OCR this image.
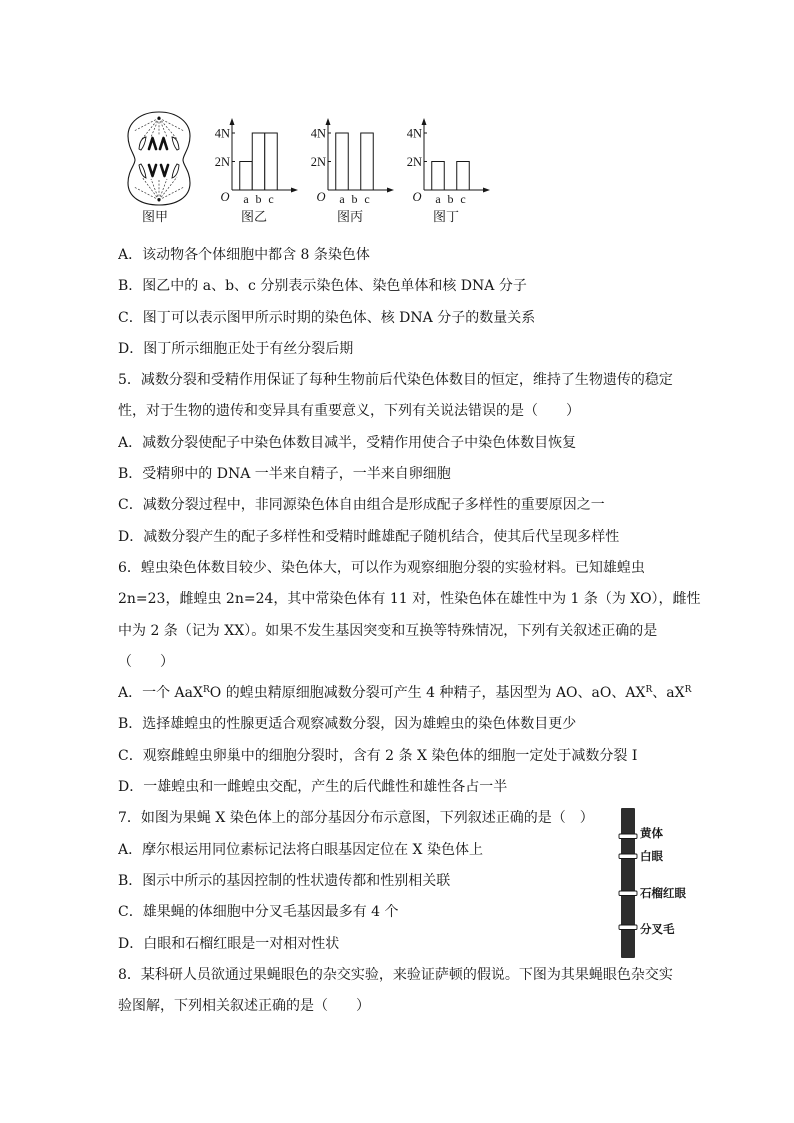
图甲
4N
2N
O a b c
图乙
4N
2N
O a b c
图丙
4N
2N
O a b c
图丁
A．该动物各个体细胞中都含 8 条染色体
B．图乙中的 a、b、c 分别表示染色体、染色单体和核 DNA 分子
C．图丁可以表示图甲所示时期的染色体、核 DNA 分子的数量关系
D．图丁所示细胞正处于有丝分裂后期
5．减数分裂和受精作用保证了每种生物前后代染色体数目的恒定，维持了生物遗传的稳定
性，对于生物的遗传和变异具有重要意义，下列有关说法错误的是（　　）
A．减数分裂使配子中染色体数目减半，受精作用使合子中染色体数目恢复
B．受精卵中的 DNA 一半来自精子，一半来自卵细胞
C．减数分裂过程中，非同源染色体自由组合是形成配子多样性的重要原因之一
D．减数分裂产生的配子多样性和受精时雌雄配子随机结合，使其后代呈现多样性
6．蝗虫染色体数目较少、染色体大，可以作为观察细胞分裂的实验材料。已知雄蝗虫
2n=23，雌蝗虫 2n=24，其中常染色体有 11 对，性染色体在雄性中为 1 条（为 XO），雌性
中为 2 条（记为 XX）。如果不发生基因突变和互换等特殊情况，下列有关叙述正确的是
（　　）
A．一个 AaX$^R$O 的蝗虫精原细胞减数分裂可产生 4 种精子，基因型为 AO、aO、$AX^R$、$aX^R$
B．选择雄蝗虫的性腺更适合观察减数分裂，因为雄蝗虫的染色体数目更少
C．观察雌蝗虫卵巢中的细胞分裂时，含有 2 条 X 染色体的细胞一定处于减数分裂 I
D．一雄蝗虫和一雌蝗虫交配，产生的后代雌性和雄性各占一半
7．如图为果蝇 X 染色体上的部分基因分布示意图，下列叙述正确的是（　）
A．摩尔根运用同位素标记法将白眼基因定位在 X 染色体上
B．图示中所示的基因控制的性状遗传都和性别相关联
C．雄果蝇的体细胞中分叉毛基因最多有 4 个
D．白眼和石榴红眼是一对相对性状
8．某科研人员欲通过果蝇眼色的杂交实验，来验证萨顿的假说。下图为其果蝇眼色杂交实
验图解，下列相关叙述正确的是（　　）
黄体
白眼
石榴红眼
分叉毛
